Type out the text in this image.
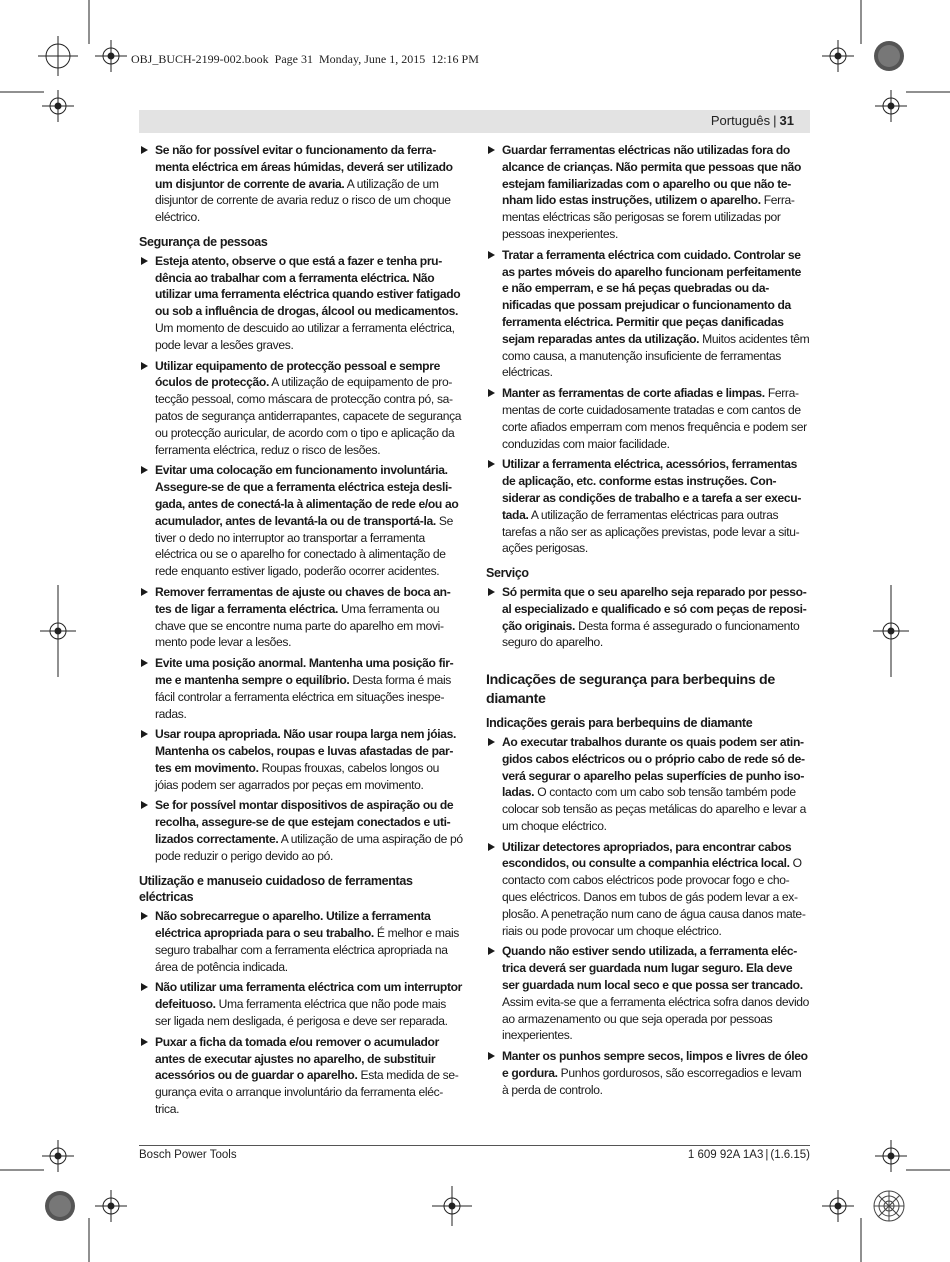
OBJ_BUCH-2199-002.book  Page 31  Monday, June 1, 2015  12:16 PM
Português | 31
Se não for possível evitar o funcionamento da ferramenta eléctrica em áreas húmidas, deverá ser utilizado um disjuntor de corrente de avaria. A utilização de um disjuntor de corrente de avaria reduz o risco de um choque eléctrico.
Segurança de pessoas
Esteja atento, observe o que está a fazer e tenha prudência ao trabalhar com a ferramenta eléctrica. Não utilizar uma ferramenta eléctrica quando estiver fatigado ou sob a influência de drogas, álcool ou medicamentos. Um momento de descuido ao utilizar a ferramenta eléctrica, pode levar a lesões graves.
Utilizar equipamento de protecção pessoal e sempre óculos de protecção. A utilização de equipamento de protecção pessoal, como máscara de protecção contra pó, sapatos de segurança antiderrapantes, capacete de segurança ou protecção auricular, de acordo com o tipo e aplicação da ferramenta eléctrica, reduz o risco de lesões.
Evitar uma colocação em funcionamento involuntária. Assegure-se de que a ferramenta eléctrica esteja desligada, antes de conectá-la à alimentação de rede e/ou ao acumulador, antes de levantá-la ou de transportá-la. Se tiver o dedo no interruptor ao transportar a ferramenta eléctrica ou se o aparelho for conectado à alimentação de rede enquanto estiver ligado, poderão ocorrer acidentes.
Remover ferramentas de ajuste ou chaves de boca antes de ligar a ferramenta eléctrica. Uma ferramenta ou chave que se encontre numa parte do aparelho em movimento pode levar a lesões.
Evite uma posição anormal. Mantenha uma posição firme e mantenha sempre o equilíbrio. Desta forma é mais fácil controlar a ferramenta eléctrica em situações inesperadas.
Usar roupa apropriada. Não usar roupa larga nem jóias. Mantenha os cabelos, roupas e luvas afastadas de partes em movimento. Roupas frouxas, cabelos longos ou jóias podem ser agarrados por peças em movimento.
Se for possível montar dispositivos de aspiração ou de recolha, assegure-se de que estejam conectados e utilizados correctamente. A utilização de uma aspiração de pó pode reduzir o perigo devido ao pó.
Utilização e manuseio cuidadoso de ferramentas eléctricas
Não sobrecarregue o aparelho. Utilize a ferramenta eléctrica apropriada para o seu trabalho. É melhor e mais seguro trabalhar com a ferramenta eléctrica apropriada na área de potência indicada.
Não utilizar uma ferramenta eléctrica com um interruptor defeituoso. Uma ferramenta eléctrica que não pode mais ser ligada nem desligada, é perigosa e deve ser reparada.
Puxar a ficha da tomada e/ou remover o acumulador antes de executar ajustes no aparelho, de substituir acessórios ou de guardar o aparelho. Esta medida de segurança evita o arranque involuntário da ferramenta eléctrica.
Guardar ferramentas eléctricas não utilizadas fora do alcance de crianças. Não permita que pessoas que não estejam familiarizadas com o aparelho ou que não tenham lido estas instruções, utilizem o aparelho. Ferramentas eléctricas são perigosas se forem utilizadas por pessoas inexperientes.
Tratar a ferramenta eléctrica com cuidado. Controlar se as partes móveis do aparelho funcionam perfeitamente e não emperram, e se há peças quebradas ou danificadas que possam prejudicar o funcionamento da ferramenta eléctrica. Permitir que peças danificadas sejam reparadas antes da utilização. Muitos acidentes têm como causa, a manutenção insuficiente de ferramentas eléctricas.
Manter as ferramentas de corte afiadas e limpas. Ferramentas de corte cuidadosamente tratadas e com cantos de corte afiados emperram com menos frequência e podem ser conduzidas com maior facilidade.
Utilizar a ferramenta eléctrica, acessórios, ferramentas de aplicação, etc. conforme estas instruções. Considerar as condições de trabalho e a tarefa a ser executada. A utilização de ferramentas eléctricas para outras tarefas a não ser as aplicações previstas, pode levar a situações perigosas.
Serviço
Só permita que o seu aparelho seja reparado por pessoal especializado e qualificado e só com peças de reposição originais. Desta forma é assegurado o funcionamento seguro do aparelho.
Indicações de segurança para berbequins de diamante
Indicações gerais para berbequins de diamante
Ao executar trabalhos durante os quais podem ser atingidos cabos eléctricos ou o próprio cabo de rede só deverá segurar o aparelho pelas superfícies de punho isoladas. O contacto com um cabo sob tensão também pode colocar sob tensão as peças metálicas do aparelho e levar a um choque eléctrico.
Utilizar detectores apropriados, para encontrar cabos escondidos, ou consulte a companhia eléctrica local. O contacto com cabos eléctricos pode provocar fogo e choques eléctricos. Danos em tubos de gás podem levar a explosão. A penetração num cano de água causa danos materiais ou pode provocar um choque eléctrico.
Quando não estiver sendo utilizada, a ferramenta eléctrica deverá ser guardada num lugar seguro. Ela deve ser guardada num local seco e que possa ser trancado. Assim evita-se que a ferramenta eléctrica sofra danos devido ao armazenamento ou que seja operada por pessoas inexperientes.
Manter os punhos sempre secos, limpos e livres de óleo e gordura. Punhos gordurosos, são escorregadios e levam à perda de controlo.
Bosch Power Tools	1 609 92A 1A3 | (1.6.15)
